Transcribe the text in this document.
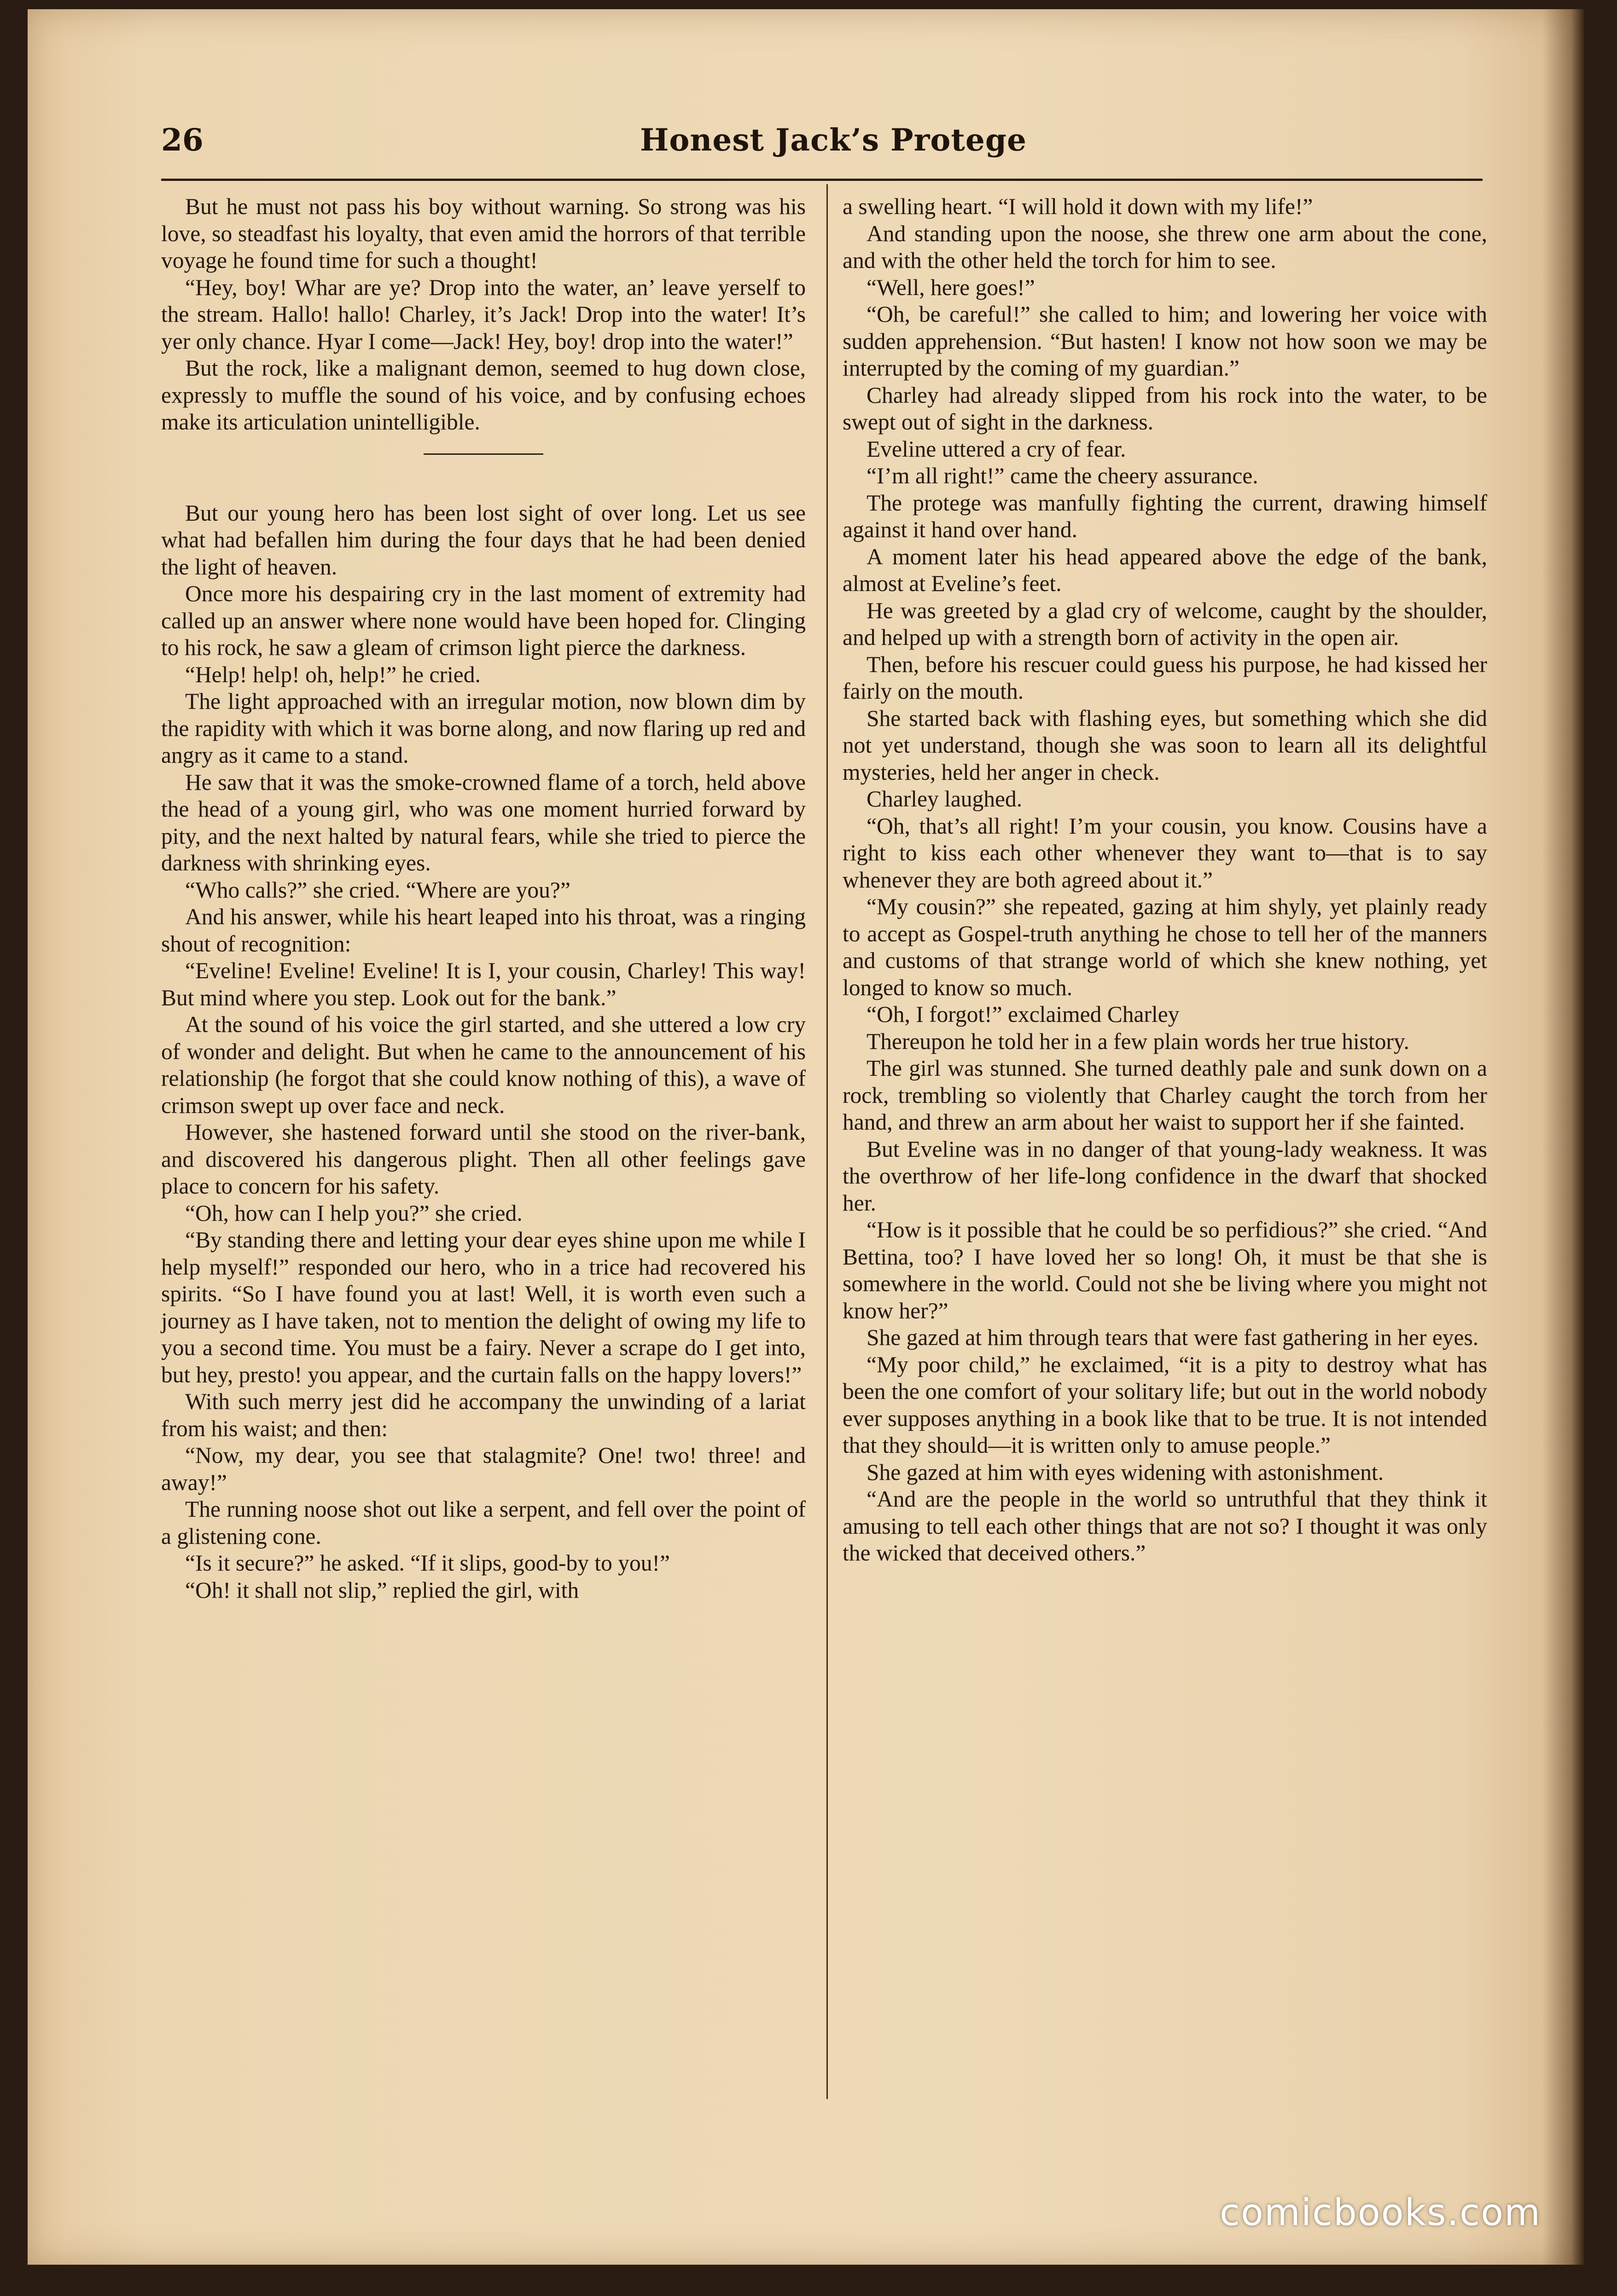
26	Honest Jack’s Protege

But he must not pass his boy without warning. So strong was his love, so steadfast his loyalty, that even amid the horrors of that terrible voyage he found time for such a thought!

“Hey, boy! Whar are ye? Drop into the water, an’ leave yerself to the stream. Hallo! hallo! Charley, it’s Jack! Drop into the water! It’s yer only chance. Hyar I come—Jack! Hey, boy! drop into the water!”

But the rock, like a malignant demon, seemed to hug down close, expressly to muffle the sound of his voice, and by confusing echoes make its articulation unintelligible.

But our young hero has been lost sight of over long. Let us see what had befallen him during the four days that he had been denied the light of heaven.

Once more his despairing cry in the last moment of extremity had called up an answer where none would have been hoped for. Clinging to his rock, he saw a gleam of crimson light pierce the darkness.

“Help! help! oh, help!” he cried.

The light approached with an irregular motion, now blown dim by the rapidity with which it was borne along, and now flaring up red and angry as it came to a stand.

He saw that it was the smoke-crowned flame of a torch, held above the head of a young girl, who was one moment hurried forward by pity, and the next halted by natural fears, while she tried to pierce the darkness with shrinking eyes.

“Who calls?” she cried. “Where are you?”

And his answer, while his heart leaped into his throat, was a ringing shout of recognition:

“Eveline! Eveline! Eveline! It is I, your cousin, Charley! This way! But mind where you step. Look out for the bank.”

At the sound of his voice the girl started, and she uttered a low cry of wonder and delight. But when he came to the announcement of his relationship (he forgot that she could know nothing of this), a wave of crimson swept up over face and neck.

However, she hastened forward until she stood on the river-bank, and discovered his dangerous plight. Then all other feelings gave place to concern for his safety.

“Oh, how can I help you?” she cried.

“By standing there and letting your dear eyes shine upon me while I help myself!” responded our hero, who in a trice had recovered his spirits. “So I have found you at last! Well, it is worth even such a journey as I have taken, not to mention the delight of owing my life to you a second time. You must be a fairy. Never a scrape do I get into, but hey, presto! you appear, and the curtain falls on the happy lovers!”

With such merry jest did he accompany the unwinding of a lariat from his waist; and then:

“Now, my dear, you see that stalagmite? One! two! three! and away!”

The running noose shot out like a serpent, and fell over the point of a glistening cone.

“Is it secure?” he asked. “If it slips, good-by to you!”

“Oh! it shall not slip,” replied the girl, with

a swelling heart. “I will hold it down with my life!”

And standing upon the noose, she threw one arm about the cone, and with the other held the torch for him to see.

“Well, here goes!”

“Oh, be careful!” she called to him; and lowering her voice with sudden apprehension. “But hasten! I know not how soon we may be interrupted by the coming of my guardian.”

Charley had already slipped from his rock into the water, to be swept out of sight in the darkness.

Eveline uttered a cry of fear.

“I’m all right!” came the cheery assurance.

The protege was manfully fighting the current, drawing himself against it hand over hand.

A moment later his head appeared above the edge of the bank, almost at Eveline’s feet.

He was greeted by a glad cry of welcome, caught by the shoulder, and helped up with a strength born of activity in the open air.

Then, before his rescuer could guess his purpose, he had kissed her fairly on the mouth.

She started back with flashing eyes, but something which she did not yet understand, though she was soon to learn all its delightful mysteries, held her anger in check.

Charley laughed.

“Oh, that’s all right! I’m your cousin, you know. Cousins have a right to kiss each other whenever they want to—that is to say whenever they are both agreed about it.”

“My cousin?” she repeated, gazing at him shyly, yet plainly ready to accept as Gospel-truth anything he chose to tell her of the manners and customs of that strange world of which she knew nothing, yet longed to know so much.

“Oh, I forgot!” exclaimed Charley

Thereupon he told her in a few plain words her true history.

The girl was stunned. She turned deathly pale and sunk down on a rock, trembling so violently that Charley caught the torch from her hand, and threw an arm about her waist to support her if she fainted.

But Eveline was in no danger of that young-lady weakness. It was the overthrow of her life-long confidence in the dwarf that shocked her.

“How is it possible that he could be so perfidious?” she cried. “And Bettina, too? I have loved her so long! Oh, it must be that she is somewhere in the world. Could not she be living where you might not know her?”

She gazed at him through tears that were fast gathering in her eyes.

“My poor child,” he exclaimed, “it is a pity to destroy what has been the one comfort of your solitary life; but out in the world nobody ever supposes anything in a book like that to be true. It is not intended that they should—it is written only to amuse people.”

She gazed at him with eyes widening with astonishment.

“And are the people in the world so untruthful that they think it amusing to tell each other things that are not so? I thought it was only the wicked that deceived others.”

comicbooks.com
